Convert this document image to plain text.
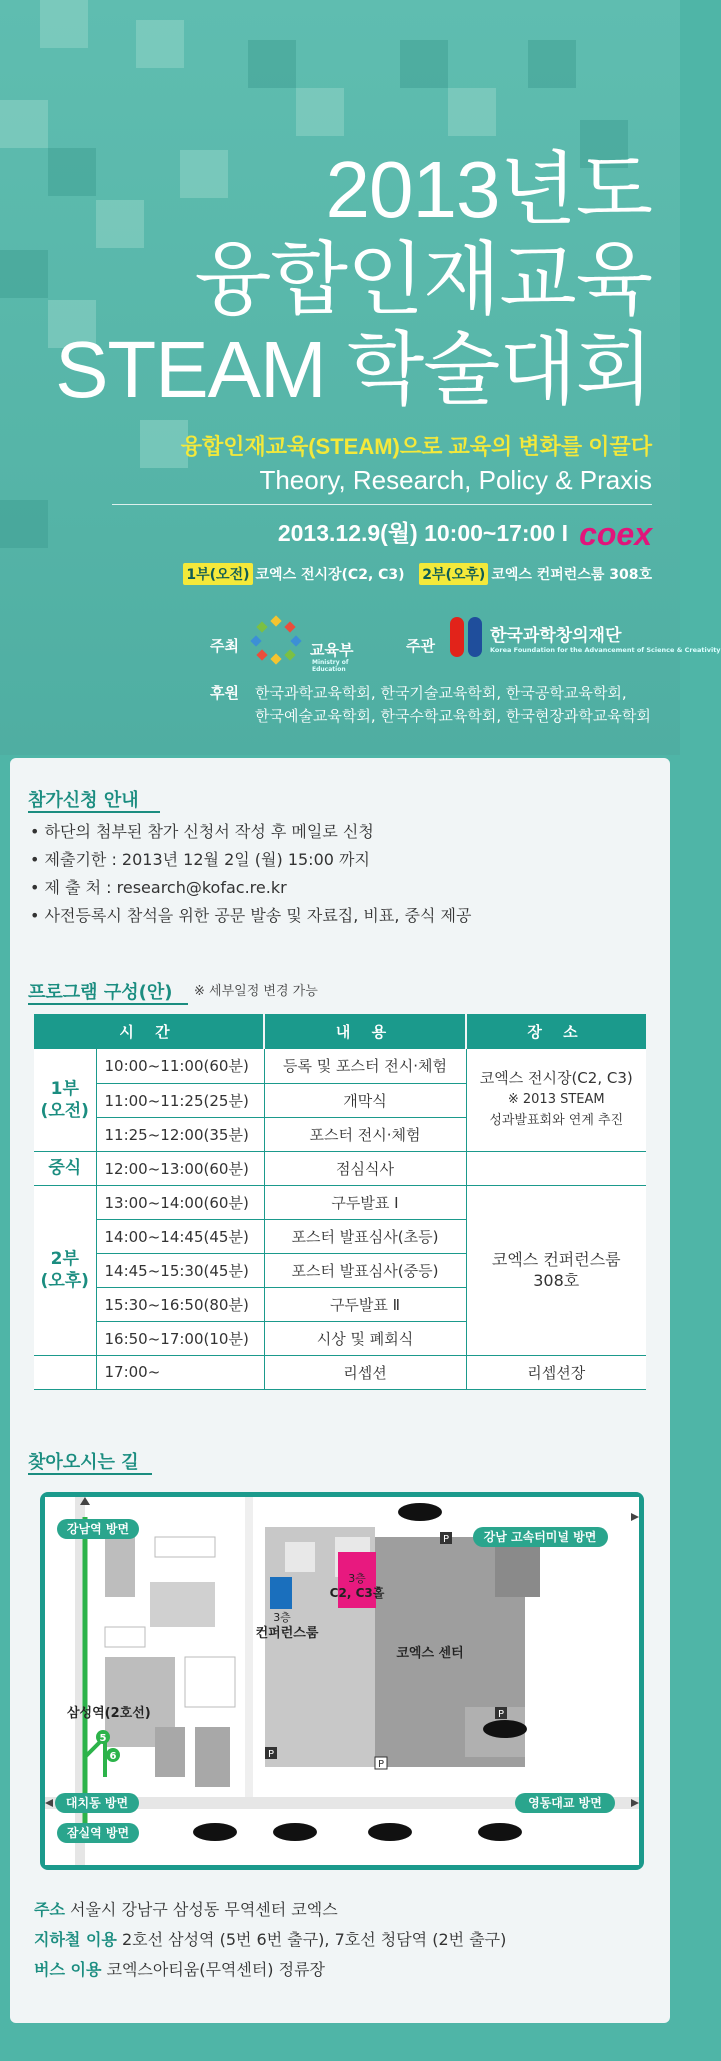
2013년도
융합인재교육
STEAM 학술대회
융합인재교육(STEAM)으로 교육의 변화를 이끌다
Theory, Research, Policy & Praxis
2013.12.9(월) 10:00~17:00 I coex
1부(오전) 코엑스 전시장(C2, C3) 2부(오후) 코엑스 컨퍼런스룸 308호
주최	교육부
Ministry of Education
주관	한국과학창의재단
Korea Foundation for the Advancement of Science & Creativity
후원 한국과학교육학회, 한국기술교육학회, 한국공학교육학회,
한국예술교육학회, 한국수학교육학회, 한국현장과학교육학회
참가신청 안내
• 하단의 첨부된 참가 신청서 작성 후 메일로 신청
• 제출기한 : 2013년 12월 2일 (월) 15:00 까지
• 제 출 처 : research@kofac.re.kr
• 사전등록시 참석을 위한 공문 발송 및 자료집, 비표, 중식 제공
프로그램 구성(안) ※ 세부일정 변경 가능
시 간		내 용	장 소
1부
(오전)	10:00~11:00(60분)	등록 및 포스터 전시·체험	코엑스 전시장(C2, C3)
※ 2013 STEAM
성과발표회와 연계 추진

	11:00~11:25(25분)	개막식	
	11:25~12:00(35분)	포스터 전시·체험	
중식	12:00~13:00(60분)	점심식사	
2부
(오후)	13:00~14:00(60분)	구두발표 Ⅰ	코엑스 컨퍼런스룸
308호
	14:00~14:45(45분)	포스터 발표심사(초등)	
	14:45~15:30(45분)	포스터 발표심사(중등)	
	15:30~16:50(80분)	구두발표 Ⅱ	
	16:50~17:00(10분)	시상 및 폐회식	
	17:00~	리셉션	리셉션장
찾아오시는 길
3층
C2, C3홀
3층
컨퍼런스룸
코엑스 센터
5
6
삼성역(2호선)
P
P
P
P
강남역 방면
강남 고속터미널 방면
대치동 방면
잠실역 방면
영동대교 방면
주소 서울시 강남구 삼성동 무역센터 코엑스
지하철 이용 2호선 삼성역 (5번 6번 출구), 7호선 청담역 (2번 출구)
버스 이용 코엑스아티움(무역센터) 정류장
